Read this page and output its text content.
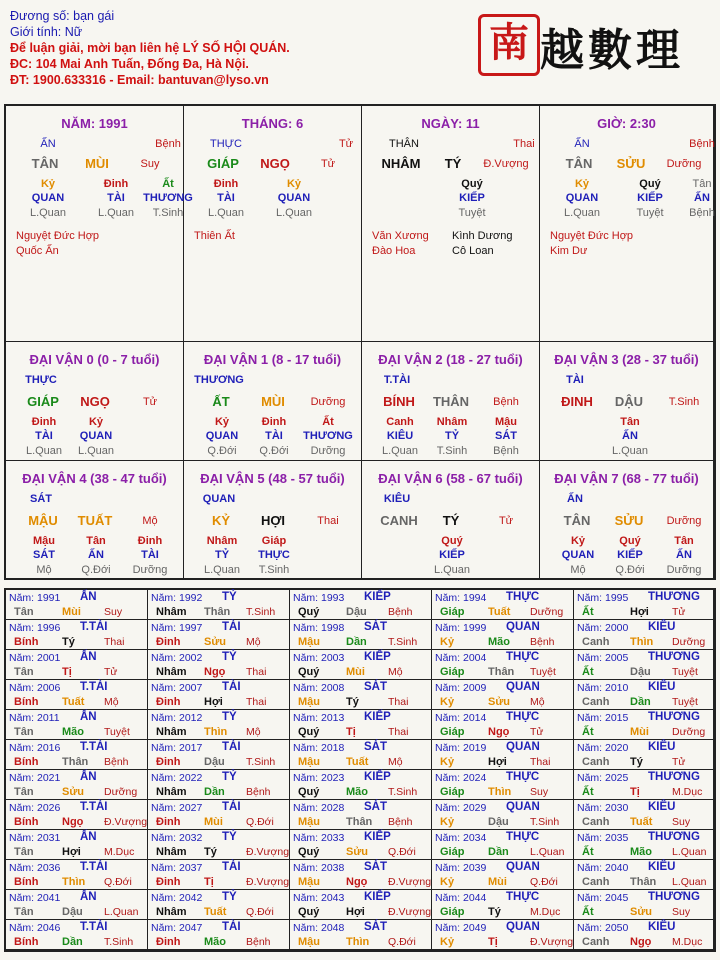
Đương số: bạn gái
Giới tính: Nữ
Để luận giải, mời bạn liên hệ LÝ SỐ HỘI QUÁN.
ĐC: 104 Mai Anh Tuấn, Đống Đa, Hà Nội.
ĐT: 1900.633316 - Email: bantuvan@lyso.vn
南 越數理
NĂM: 1991
ẤN	Bệnh
TÂN	MÙI	Suy
Kỷ	Đinh	Ất
QUAN	TÀI	THƯƠNG
L.Quan	L.Quan	T.Sinh
Nguyệt Đức Hợp
Quốc Ấn
THÁNG: 6
THỰC	Tử
GIÁP	NGỌ	Tử
Đinh	Kỷ
TÀI	QUAN
L.Quan	L.Quan
Thiên Ất
NGÀY: 11
THÂN	Thai
NHÂM	TÝ	Đ.Vượng
Quý
KIẾP
Tuyệt
Văn Xương
Đào Hoa
Kình Dương
Cô Loan
GIỜ: 2:30
ẤN	Bệnh
TÂN	SỬU	Dưỡng
Kỷ	Quý	Tân
QUAN	KIẾP	ẤN
L.Quan	Tuyệt	Bệnh
Nguyệt Đức Hợp
Kim Dư
ĐẠI VẬN 0 (0 - 7 tuổi)
THỰC
GIÁP	NGỌ	Tử
Đinh	Kỷ
TÀI	QUAN
L.Quan	L.Quan
ĐẠI VẬN 1 (8 - 17 tuổi)
THƯƠNG
ẤT	MÙI	Dưỡng
Kỷ	Đinh	Ất
QUAN	TÀI	THƯƠNG
Q.Đới	Q.Đới	Dưỡng
ĐẠI VẬN 2 (18 - 27 tuổi)
T.TÀI
BÍNH	THÂN	Bệnh
Canh	Nhâm	Mậu
KIÊU	TỶ	SÁT
L.Quan	T.Sinh	Bệnh
ĐẠI VẬN 3 (28 - 37 tuổi)
TÀI
ĐINH	DẬU	T.Sinh
Tân
ẤN
L.Quan
ĐẠI VẬN 4 (38 - 47 tuổi)
SÁT
MẬU	TUẤT	Mộ
Mậu	Tân	Đinh
SÁT	ẤN	TÀI
Mộ	Q.Đới	Dưỡng
ĐẠI VẬN 5 (48 - 57 tuổi)
QUAN
KỶ	HỢI	Thai
Nhâm	Giáp
TỶ	THỰC
L.Quan	T.Sinh
ĐẠI VẬN 6 (58 - 67 tuổi)
KIÊU
CANH	TÝ	Tử
Quý
KIẾP
L.Quan
ĐẠI VẬN 7 (68 - 77 tuổi)
ẤN
TÂN	SỬU	Dưỡng
Kỷ	Quý	Tân
QUAN	KIẾP	ẤN
Mộ	Q.Đới	Dưỡng
Năm: 1991 ẤN
Tân	Mùi Suy
Năm: 1992 TỶ
Nhâm Thân T.Sinh
Năm: 1993 KIẾP
Quý Dậu Bệnh
Năm: 1994 THỰC
Giáp Tuất Dưỡng
Năm: 1995 THƯƠNG
Ất	Hợi Tử
Năm: 1996 T.TÀI
Bính Tý	Thai
Năm: 1997 TÀI
Đinh Sửu Mộ
Năm: 1998 SÁT
Mậu Dần T.Sinh
Năm: 1999 QUAN
Kỷ	Mão Bệnh
Năm: 2000 KIÊU
Canh Thìn Dưỡng
Năm: 2001 ẤN
Tân	Tị	Tử
Năm: 2002 TỶ
Nhâm Ngọ Thai
Năm: 2003 KIẾP
Quý Mùi Mộ
Năm: 2004 THỰC
Giáp Thân Tuyệt
Năm: 2005 THƯƠNG
Ất	Dậu Tuyệt
Năm: 2006 T.TÀI
Bính Tuất Mộ
Năm: 2007 TÀI
Đinh Hợi Thai
Năm: 2008 SÁT
Mậu Tý	Thai
Năm: 2009 QUAN
Kỷ	Sửu Mộ
Năm: 2010 KIÊU
Canh Dần Tuyệt
Năm: 2011 ẤN
Tân	Mão Tuyệt
Năm: 2012 TỶ
Nhâm Thìn Mộ
Năm: 2013 KIẾP
Quý Tị	Thai
Năm: 2014 THỰC
Giáp Ngọ Tử
Năm: 2015 THƯƠNG
Ất	Mùi Dưỡng
Năm: 2016 T.TÀI
Bính Thân Bệnh
Năm: 2017 TÀI
Đinh Dậu T.Sinh
Năm: 2018 SÁT
Mậu Tuất Mộ
Năm: 2019 QUAN
Kỷ	Hợi Thai
Năm: 2020 KIÊU
Canh Tý	Tử
Năm: 2021 ẤN
Tân	Sửu Dưỡng
Năm: 2022 TỶ
Nhâm Dần Bệnh
Năm: 2023 KIẾP
Quý Mão T.Sinh
Năm: 2024 THỰC
Giáp Thìn Suy
Năm: 2025 THƯƠNG
Ất	Tị	M.Dục
Năm: 2026 T.TÀI
Bính Ngọ Đ.Vượng
Năm: 2027 TÀI
Đinh Mùi Q.Đới
Năm: 2028 SÁT
Mậu Thân Bệnh
Năm: 2029 QUAN
Kỷ	Dậu T.Sinh
Năm: 2030 KIÊU
Canh Tuất Suy
Năm: 2031 ẤN
Tân	Hợi M.Dục
Năm: 2032 TỶ
Nhâm Tý	Đ.Vượng
Năm: 2033 KIẾP
Quý Sửu Q.Đới
Năm: 2034 THỰC
Giáp Dần L.Quan
Năm: 2035 THƯƠNG
Ất	Mão L.Quan
Năm: 2036 T.TÀI
Bính Thìn Q.Đới
Năm: 2037 TÀI
Đinh Tị	Đ.Vượng
Năm: 2038 SÁT
Mậu Ngọ Đ.Vượng
Năm: 2039 QUAN
Kỷ	Mùi Q.Đới
Năm: 2040 KIÊU
Canh Thân L.Quan
Năm: 2041 ẤN
Tân	Dậu L.Quan
Năm: 2042 TỶ
Nhâm Tuất Q.Đới
Năm: 2043 KIẾP
Quý Hợi Đ.Vượng
Năm: 2044 THỰC
Giáp Tý	M.Dục
Năm: 2045 THƯƠNG
Ất	Sửu Suy
Năm: 2046 T.TÀI
Bính Dần T.Sinh
Năm: 2047 TÀI
Đinh Mão Bệnh
Năm: 2048 SÁT
Mậu Thìn Q.Đới
Năm: 2049 QUAN
Kỷ	Tị	Đ.Vượng
Năm: 2050 KIÊU
Canh Ngọ M.Dục
